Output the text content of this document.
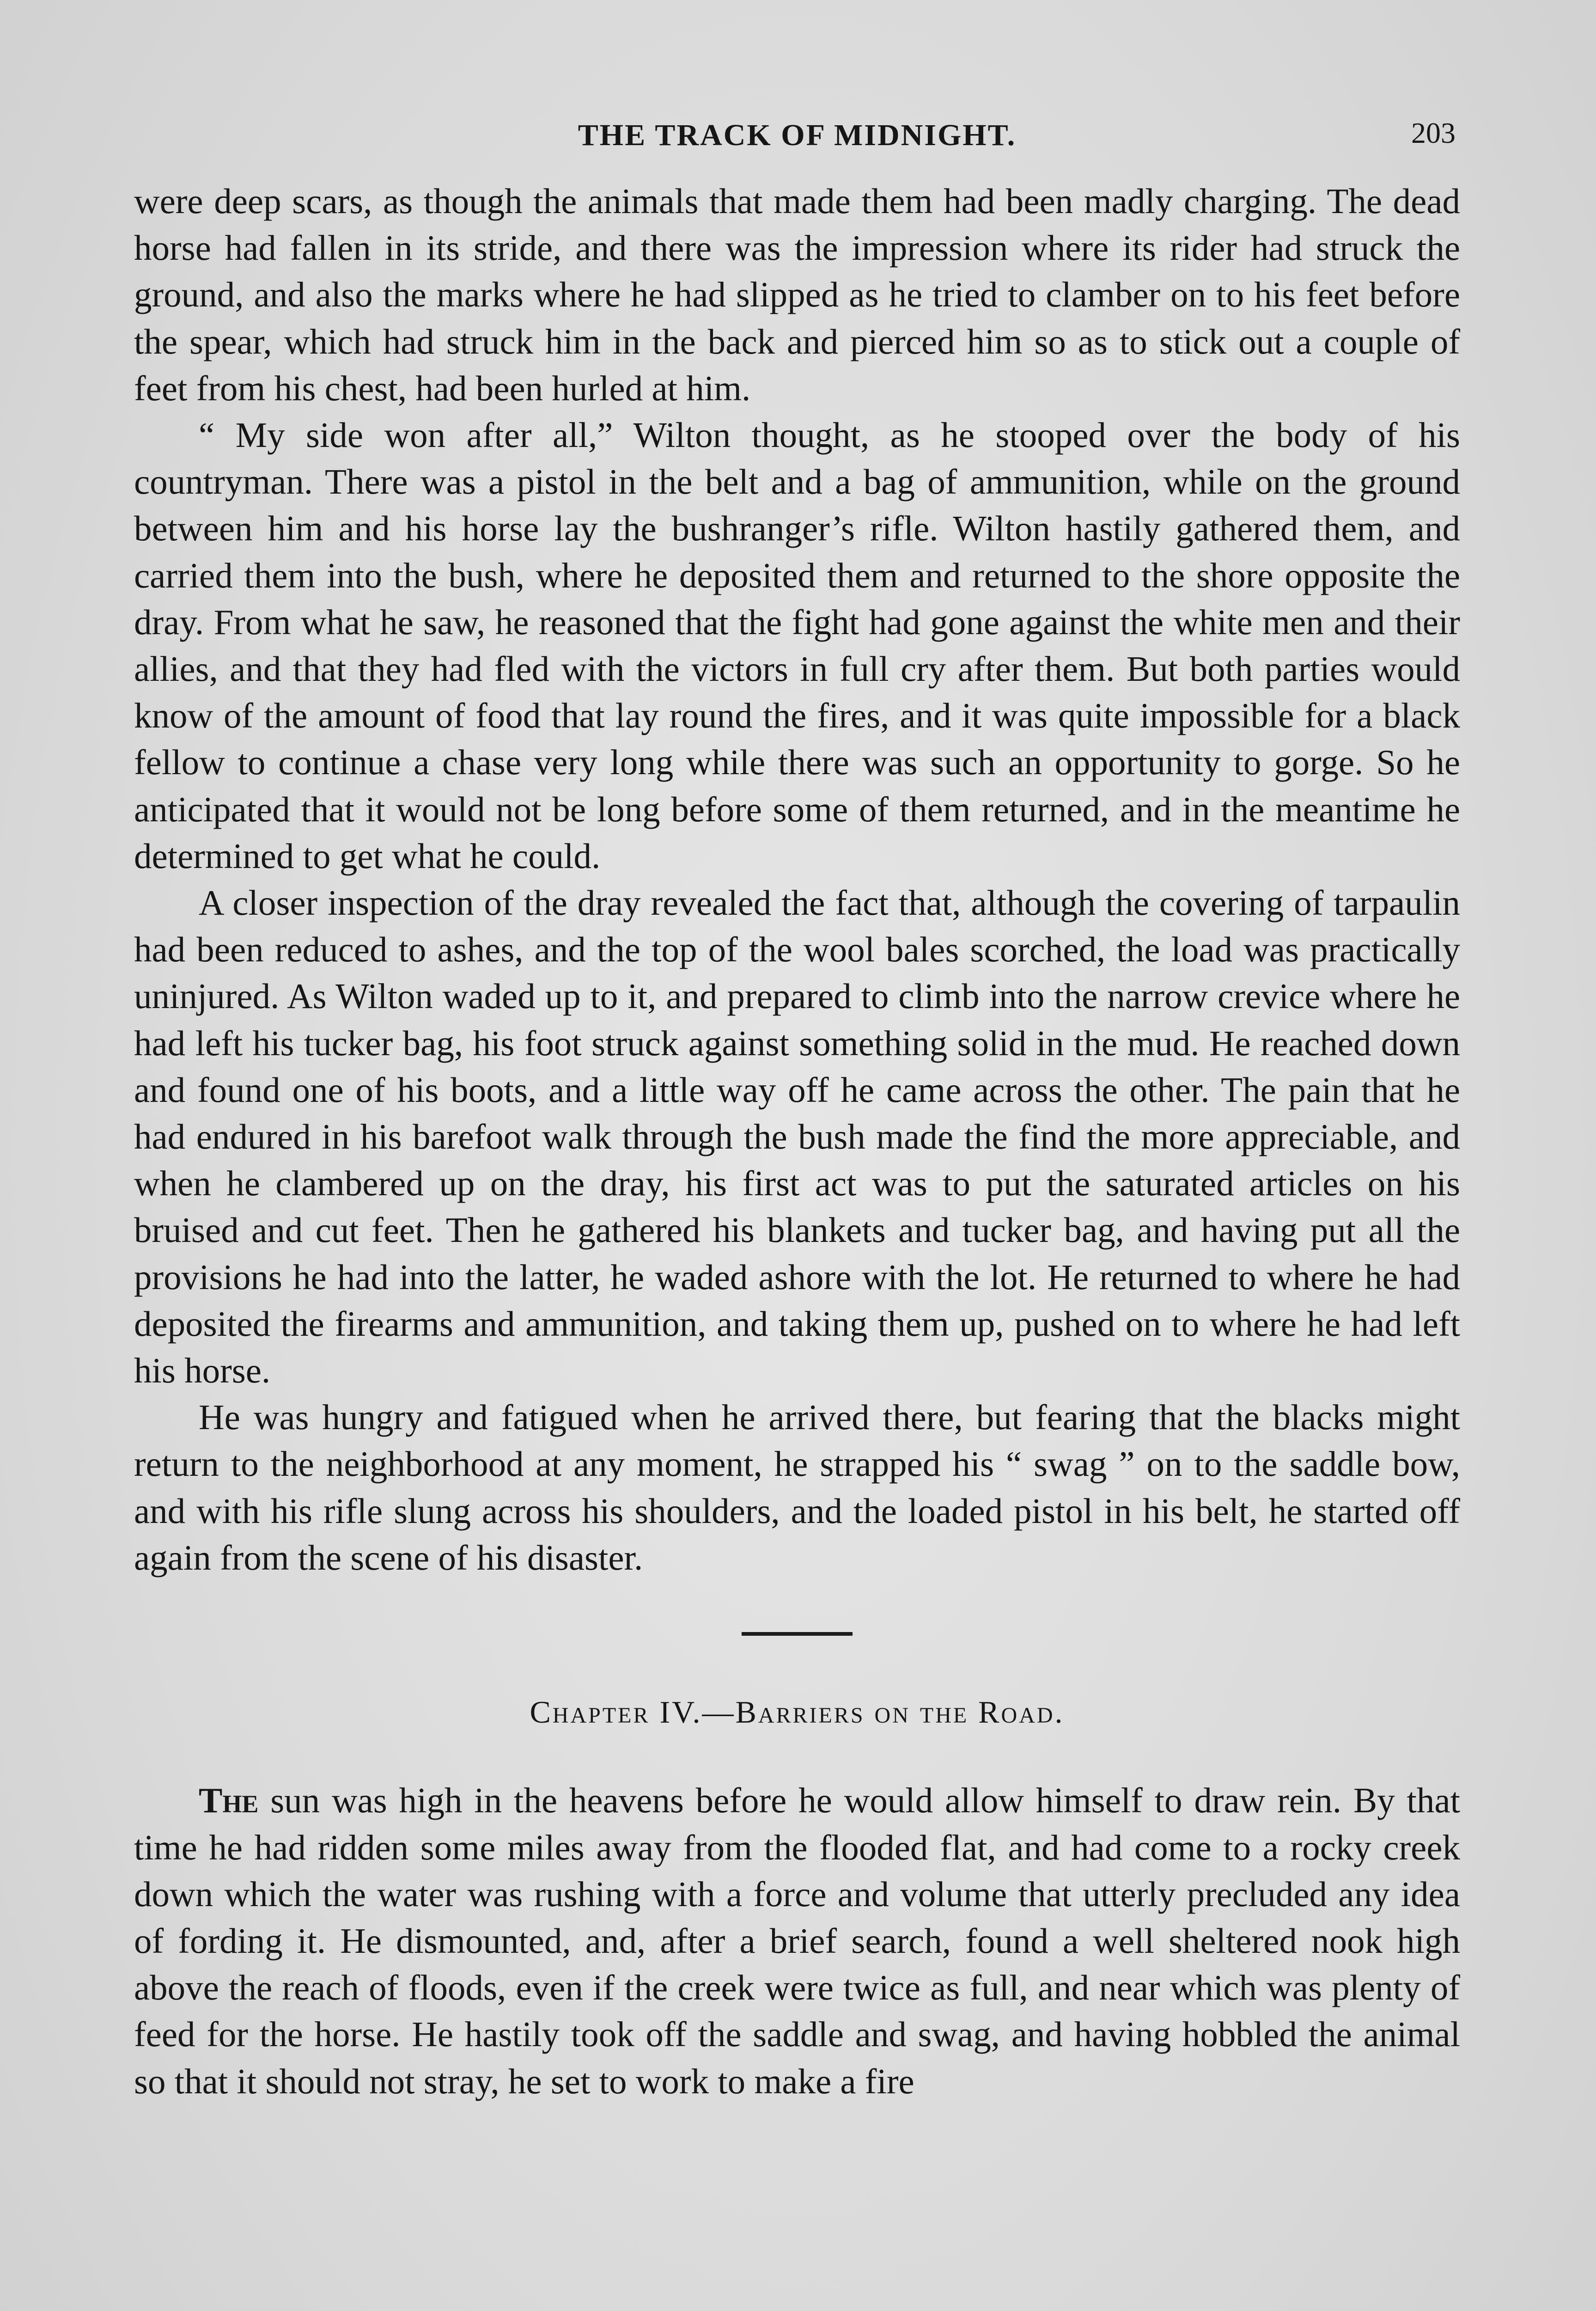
THE TRACK OF MIDNIGHT.	203

were deep scars, as though the animals that made them had been madly charging. The dead horse had fallen in its stride, and there was the impression where its rider had struck the ground, and also the marks where he had slipped as he tried to clamber on to his feet before the spear, which had struck him in the back and pierced him so as to stick out a couple of feet from his chest, had been hurled at him.

“ My side won after all,” Wilton thought, as he stooped over the body of his countryman. There was a pistol in the belt and a bag of ammunition, while on the ground between him and his horse lay the bushranger’s rifle. Wilton hastily gathered them, and carried them into the bush, where he deposited them and returned to the shore opposite the dray. From what he saw, he reasoned that the fight had gone against the white men and their allies, and that they had fled with the victors in full cry after them. But both parties would know of the amount of food that lay round the fires, and it was quite impossible for a black fellow to continue a chase very long while there was such an opportunity to gorge. So he anticipated that it would not be long before some of them returned, and in the meantime he determined to get what he could.

A closer inspection of the dray revealed the fact that, although the covering of tarpaulin had been reduced to ashes, and the top of the wool bales scorched, the load was practically uninjured. As Wilton waded up to it, and prepared to climb into the narrow crevice where he had left his tucker bag, his foot struck against something solid in the mud. He reached down and found one of his boots, and a little way off he came across the other. The pain that he had endured in his barefoot walk through the bush made the find the more appreciable, and when he clambered up on the dray, his first act was to put the saturated articles on his bruised and cut feet. Then he gathered his blankets and tucker bag, and having put all the provisions he had into the latter, he waded ashore with the lot. He returned to where he had deposited the firearms and ammunition, and taking them up, pushed on to where he had left his horse.

He was hungry and fatigued when he arrived there, but fearing that the blacks might return to the neighborhood at any moment, he strapped his “ swag ” on to the saddle bow, and with his rifle slung across his shoulders, and the loaded pistol in his belt, he started off again from the scene of his disaster.

Chapter IV.—Barriers on the Road.

The sun was high in the heavens before he would allow himself to draw rein. By that time he had ridden some miles away from the flooded flat, and had come to a rocky creek down which the water was rushing with a force and volume that utterly precluded any idea of fording it. He dismounted, and, after a brief search, found a well sheltered nook high above the reach of floods, even if the creek were twice as full, and near which was plenty of feed for the horse. He hastily took off the saddle and swag, and having hobbled the animal so that it should not stray, he set to work to make a fire
